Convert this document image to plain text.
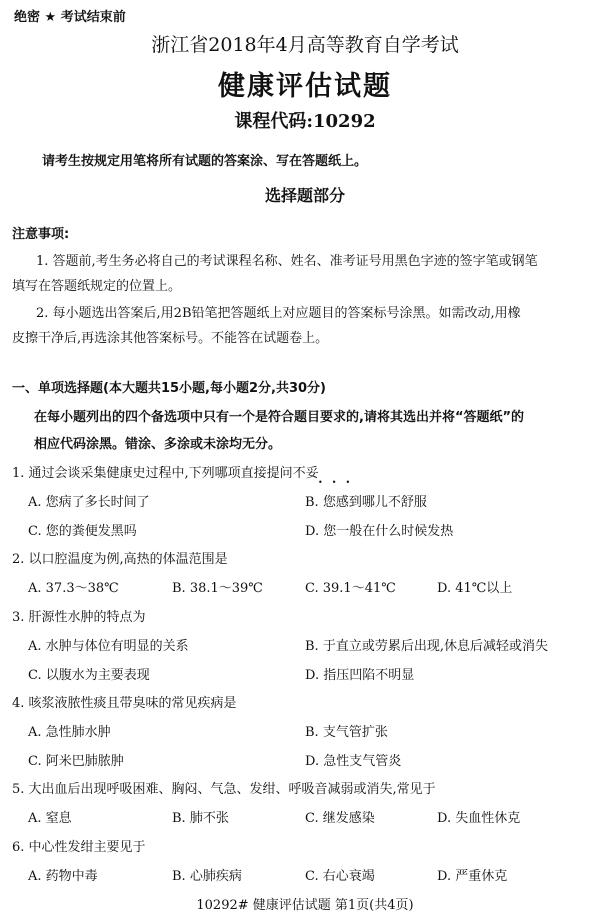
绝密 ★ 考试结束前
浙江省2018年4月高等教育自学考试
健康评估试题
课程代码:10292
请考生按规定用笔将所有试题的答案涂、写在答题纸上。
选择题部分
注意事项:
1. 答题前,考生务必将自己的考试课程名称、姓名、准考证号用黑色字迹的签字笔或钢笔
填写在答题纸规定的位置上。
2. 每小题选出答案后,用2B铅笔把答题纸上对应题目的答案标号涂黑。如需改动,用橡
皮擦干净后,再选涂其他答案标号。不能答在试题卷上。
一、单项选择题(本大题共15小题,每小题2分,共30分)
在每小题列出的四个备选项中只有一个是符合题目要求的,请将其选出并将“答题纸”的
相应代码涂黑。错涂、多涂或未涂均无分。
1. 通过会谈采集健康史过程中,下列哪项直接提问不妥
•••
A. 您病了多长时间了	B. 您感到哪儿不舒服
C. 您的粪便发黑吗	D. 您一般在什么时候发热
2. 以口腔温度为例,高热的体温范围是
A. 37.3～38℃	B. 38.1～39℃	C. 39.1～41℃	D. 41℃以上
3. 肝源性水肿的特点为
A. 水肿与体位有明显的关系	B. 于直立或劳累后出现,休息后减轻或消失
C. 以腹水为主要表现	D. 指压凹陷不明显
4. 咳浆液脓性痰且带臭味的常见疾病是
A. 急性肺水肿	B. 支气管扩张
C. 阿米巴肺脓肿	D. 急性支气管炎
5. 大出血后出现呼吸困难、胸闷、气急、发绀、呼吸音减弱或消失,常见于
A. 窒息	B. 肺不张	C. 继发感染	D. 失血性休克
6. 中心性发绀主要见于
A. 药物中毒	B. 心肺疾病	C. 右心衰竭	D. 严重休克
10292# 健康评估试题 第1页(共4页)
